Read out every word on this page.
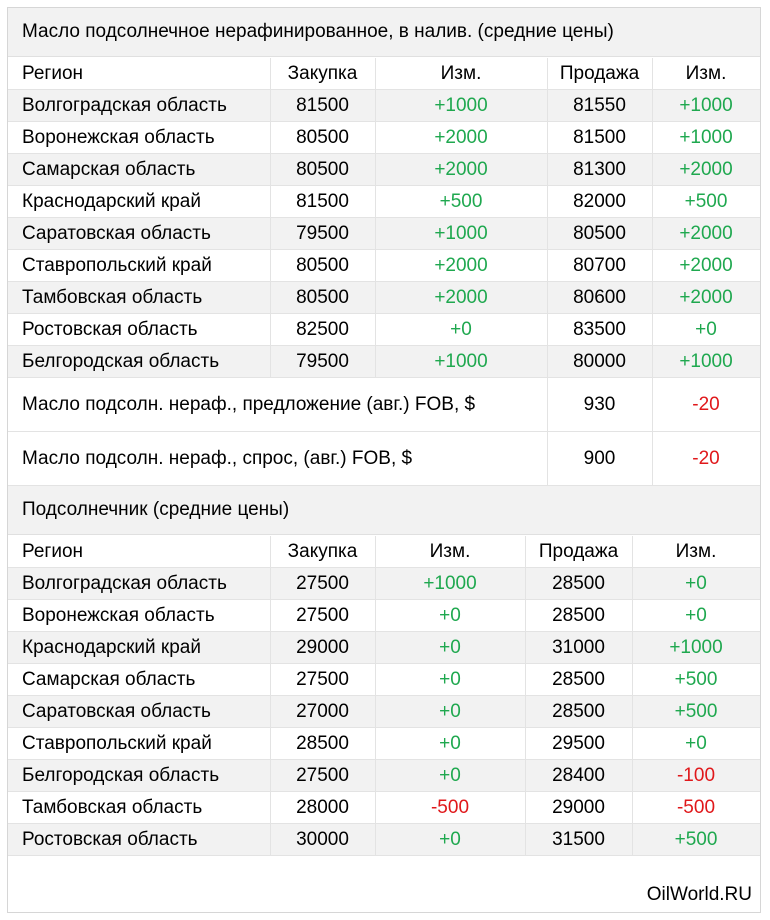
Масло подсолнечное нерафинированное, в налив. (средние цены)
Подсолнечник (средние цены)
OilWorld.RU
Регион	Закупка	Изм.	Продажа	Изм.
Волгоградская область	81500	+1000	81550	+1000
Воронежская область	80500	+2000	81500	+1000
Самарская область	80500	+2000	81300	+2000
Краснодарский край	81500	+500	82000	+500
Саратовская область	79500	+1000	80500	+2000
Ставропольский край	80500	+2000	80700	+2000
Тамбовская область	80500	+2000	80600	+2000
Ростовская область	82500	+0	83500	+0
Белгородская область	79500	+1000	80000	+1000
Масло подсолн. нераф., предложение (авг.) FOB, $	930	-20
Масло подсолн. нераф., спрос, (авг.) FOB, $	900	-20
Регион	Закупка	Изм.	Продажа	Изм.
Волгоградская область	27500	+1000	28500	+0
Воронежская область	27500	+0	28500	+0
Краснодарский край	29000	+0	31000	+1000
Самарская область	27500	+0	28500	+500
Саратовская область	27000	+0	28500	+500
Ставропольский край	28500	+0	29500	+0
Белгородская область	27500	+0	28400	-100
Тамбовская область	28000	-500	29000	-500
Ростовская область	30000	+0	31500	+500
